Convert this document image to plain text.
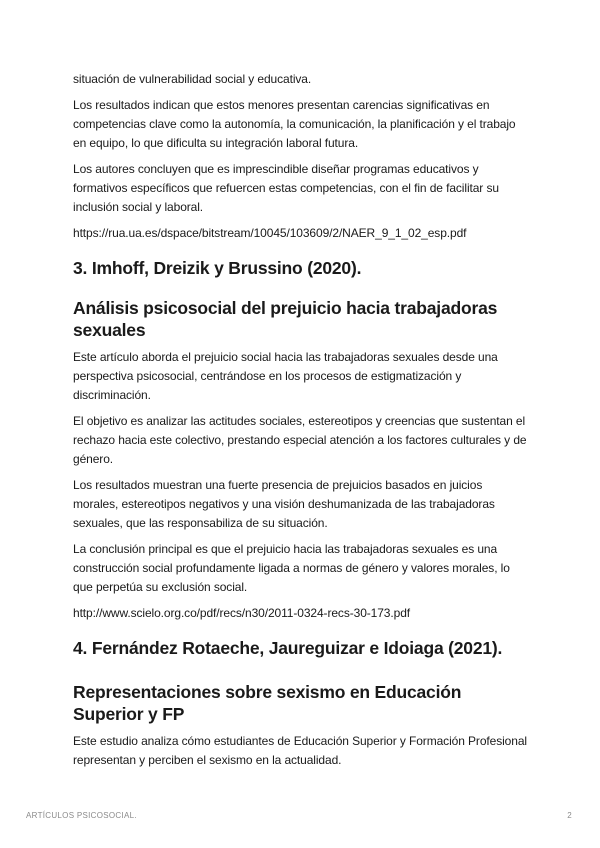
situación de vulnerabilidad social y educativa.

Los resultados indican que estos menores presentan carencias significativas en competencias clave como la autonomía, la comunicación, la planificación y el trabajo en equipo, lo que dificulta su integración laboral futura.

Los autores concluyen que es imprescindible diseñar programas educativos y formativos específicos que refuercen estas competencias, con el fin de facilitar su inclusión social y laboral.

https://rua.ua.es/dspace/bitstream/10045/103609/2/NAER_9_1_02_esp.pdf

3. Imhoff, Dreizik y Brussino (2020).
Análisis psicosocial del prejuicio hacia trabajadoras sexuales

Este artículo aborda el prejuicio social hacia las trabajadoras sexuales desde una perspectiva psicosocial, centrándose en los procesos de estigmatización y discriminación.

El objetivo es analizar las actitudes sociales, estereotipos y creencias que sustentan el rechazo hacia este colectivo, prestando especial atención a los factores culturales y de género.

Los resultados muestran una fuerte presencia de prejuicios basados en juicios morales, estereotipos negativos y una visión deshumanizada de las trabajadoras sexuales, que las responsabiliza de su situación.

La conclusión principal es que el prejuicio hacia las trabajadoras sexuales es una construcción social profundamente ligada a normas de género y valores morales, lo que perpetúa su exclusión social.

http://www.scielo.org.co/pdf/recs/n30/2011-0324-recs-30-173.pdf

4. Fernández Rotaeche, Jaureguizar e Idoiaga (2021).
Representaciones sobre sexismo en Educación Superior y FP

Este estudio analiza cómo estudiantes de Educación Superior y Formación Profesional representan y perciben el sexismo en la actualidad.

ARTÍCULOS PSICOSOCIAL.	2
